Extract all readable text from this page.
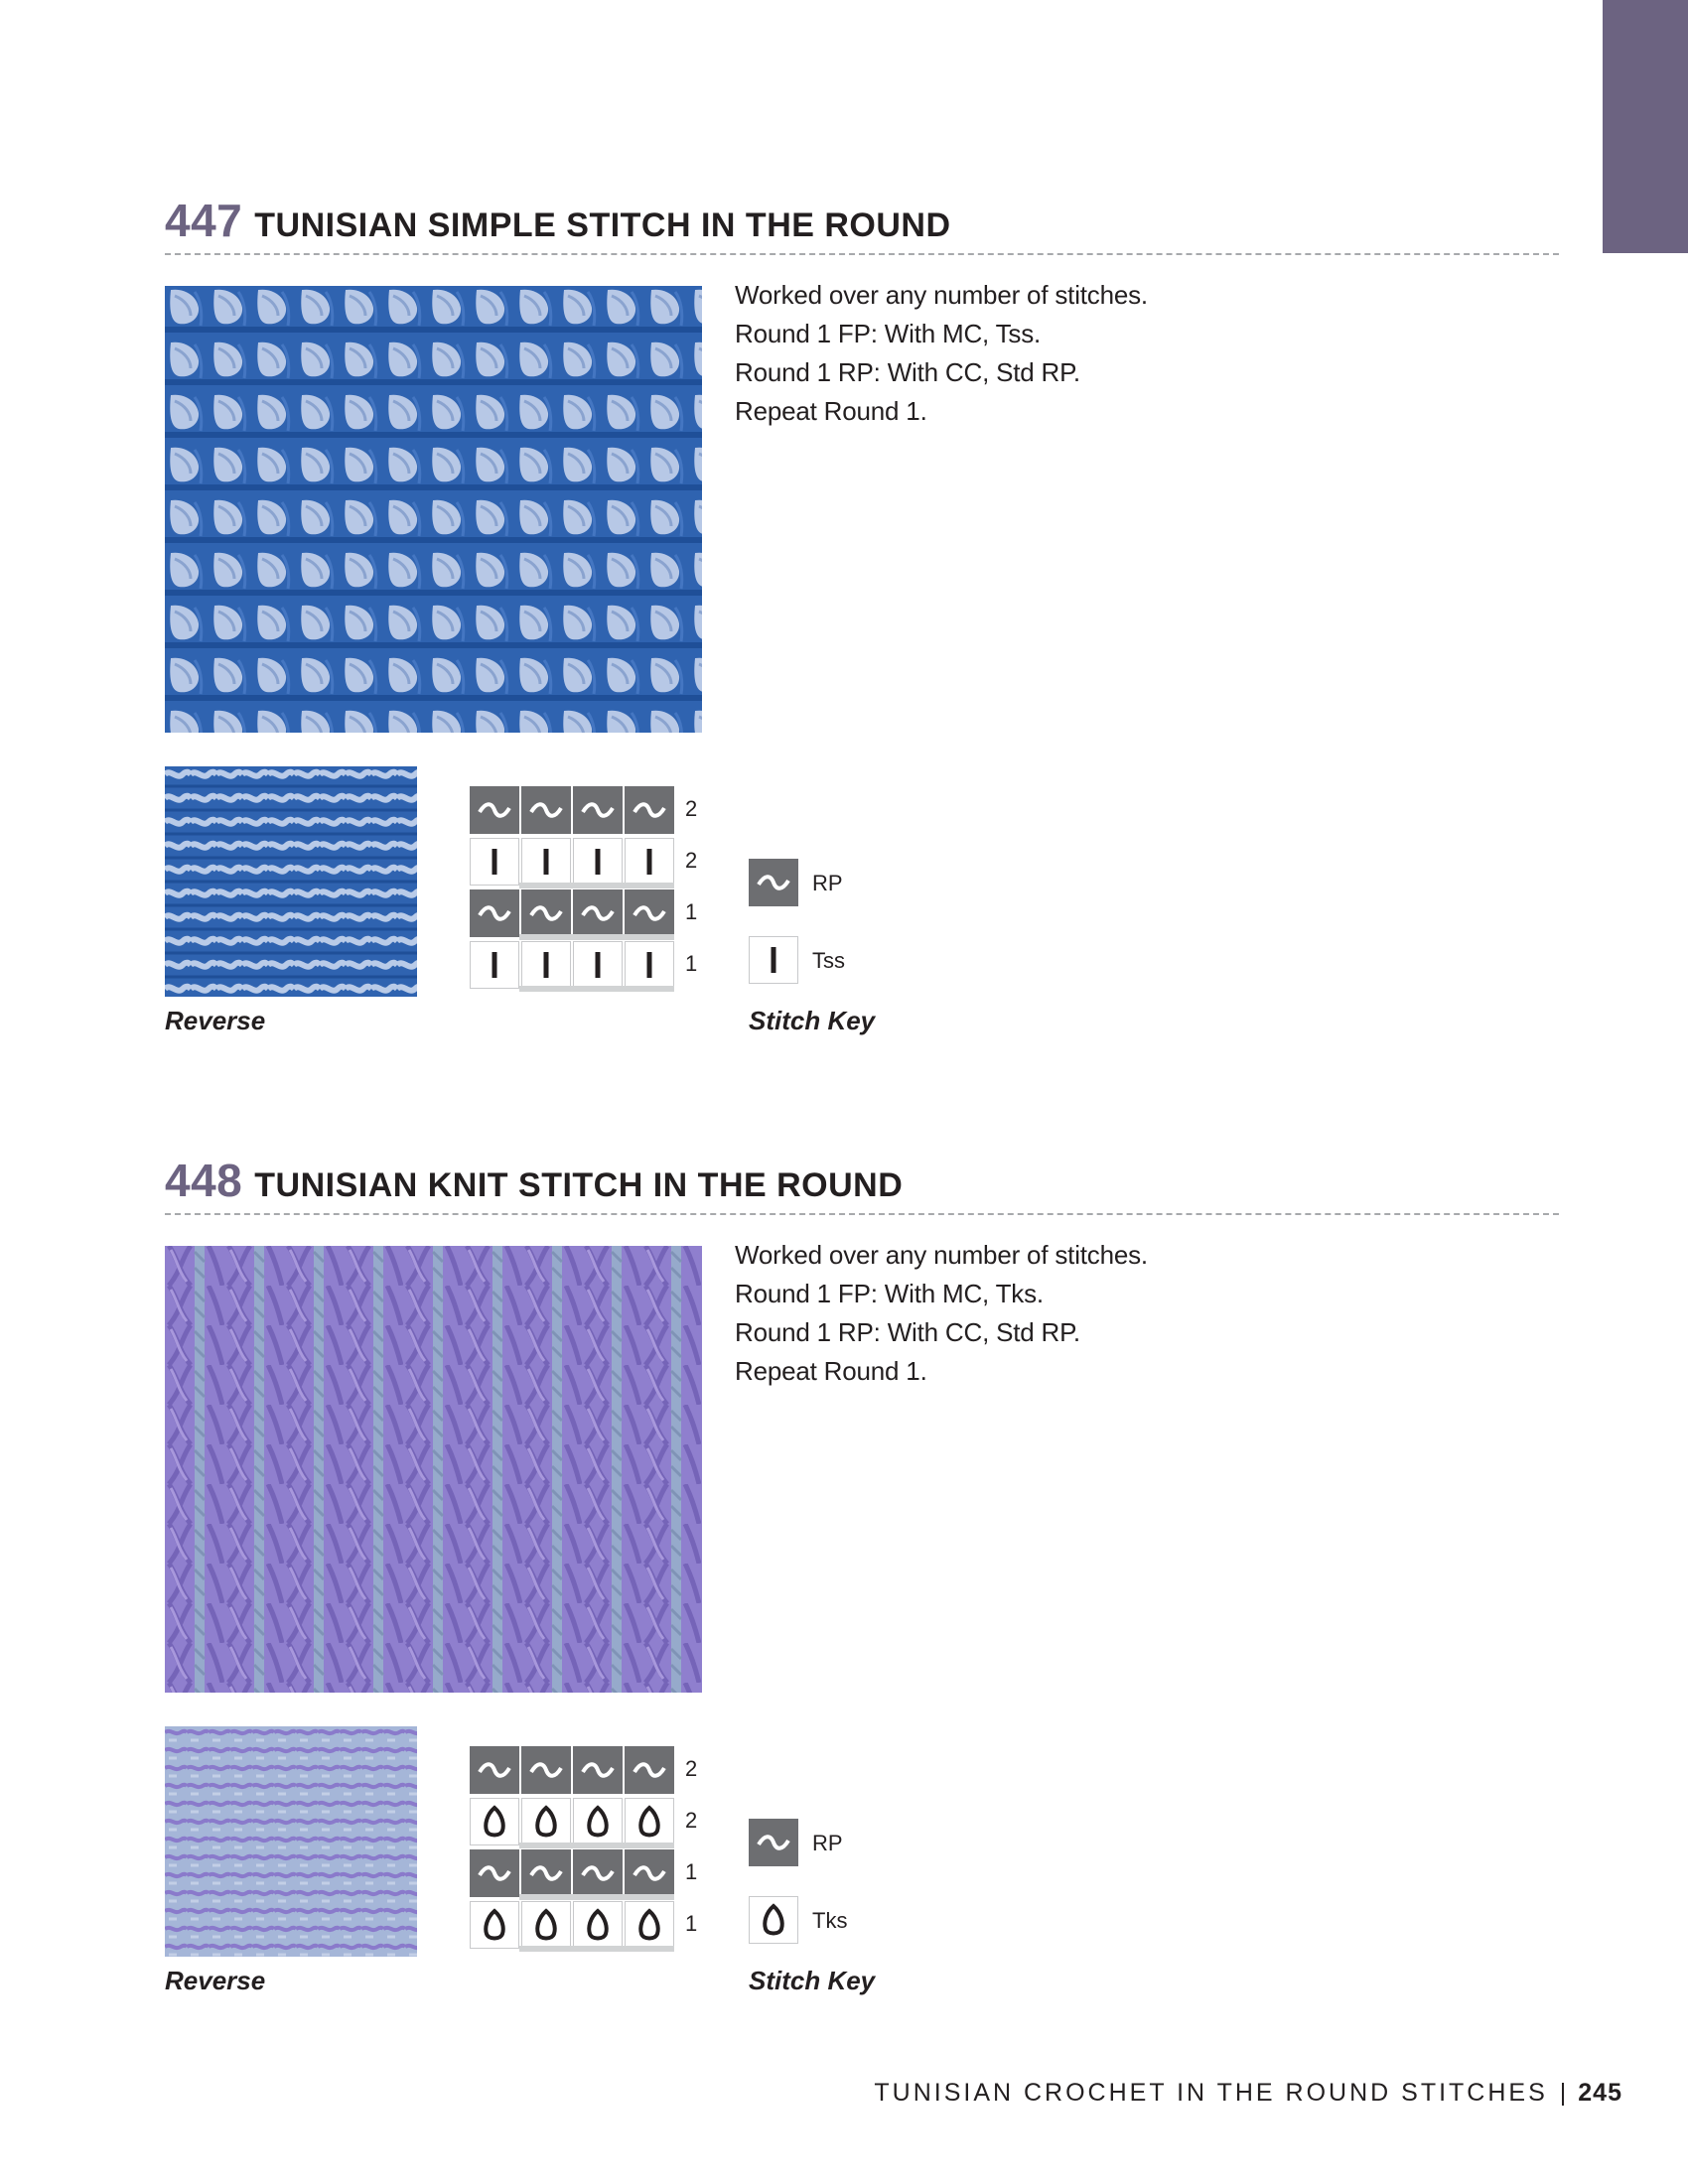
447 TUNISIAN SIMPLE STITCH IN THE ROUND

Worked over any number of stitches.

Round 1 FP: With MC, Tss.

Round 1 RP: With CC, Std RP.

Repeat Round 1.

2
2
1
1
RP
Tss
Reverse	Stitch Key
448 TUNISIAN KNIT STITCH IN THE ROUND

Worked over any number of stitches.

Round 1 FP: With MC, Tks.

Round 1 RP: With CC, Std RP.

Repeat Round 1.

2
2
1
1
RP
Tks
Reverse	Stitch Key
TUNISIAN CROCHET IN THE ROUND STITCHES | 245
